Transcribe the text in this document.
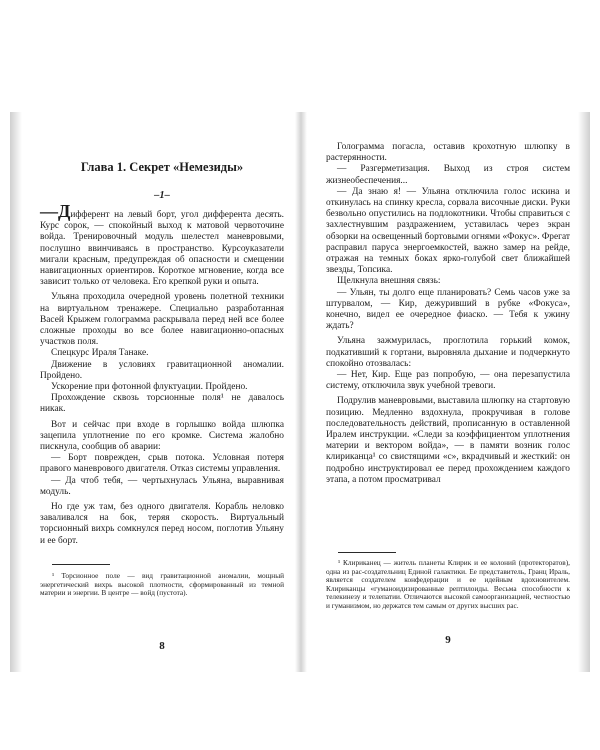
Глава 1. Секрет «Немезиды»
–1–

—Дифферент на левый борт, угол дифферента десять. Курс сорок, — спокойный выход к матовой червоточине войда. Тренировочный модуль шелестел маневровыми, послушно ввинчиваясь в пространство. Курсоуказатели мигали красным, предупреждая об опасности и смещении навигационных ориентиров. Короткое мгновение, когда все зависит только от человека. Его крепкой руки и опыта.

Ульяна проходила очередной уровень полетной техники на виртуальном тренажере. Специально разработанная Васей Крыжем голограмма раскрывала перед ней все более сложные проходы во все более навигационно-опасных участков поля.

Спецкурс Ираля Танаке.

Движение в условиях гравитационной аномалии. Пройдено.

Ускорение при фотонной флуктуации. Пройдено.

Прохождение сквозь торсионные поля¹ не давалось никак.

Вот и сейчас при входе в горлышко войда шлюпка зацепила уплотнение по его кромке. Система жалобно пискнула, сообщив об аварии:

— Борт поврежден, срыв потока. Условная потеря правого маневрового двигателя. Отказ системы управления.

— Да чтоб тебя, — чертыхнулась Ульяна, выравнивая модуль.

Но где уж там, без одного двигателя. Корабль неловко заваливался на бок, теряя скорость. Виртуальный торсионный вихрь сомкнулся перед носом, поглотив Ульяну и ее борт.

¹ Торсионное поле — вид гравитационной аномалии, мощный энергетический вихрь высокой плотности, сформированный из темной материи и энергии. В центре — войд (пустота).

8

Голограмма погасла, оставив крохотную шлюпку в растерянности.

— Разгерметизация. Выход из строя систем жизнеобеспечения...

— Да знаю я! — Ульяна отключила голос искина и откинулась на спинку кресла, сорвала височные диски. Руки безвольно опустились на подлокотники. Чтобы справиться с захлестнувшим раздражением, уставилась через экран обзорки на освещенный бортовыми огнями «Фокус». Фрегат расправил паруса энергоемкостей, важно замер на рейде, отражая на темных боках ярко-голубой свет ближайшей звезды, Топсика.

Щелкнула внешняя связь:

— Ульян, ты долго еще планировать? Семь часов уже за штурвалом, — Кир, дежуривший в рубке «Фокуса», конечно, видел ее очередное фиаско. — Тебя к ужину ждать?

Ульяна зажмурилась, проглотила горький комок, подкативший к гортани, выровняла дыхание и подчеркнуто спокойно отозвалась:

— Нет, Кир. Еще раз попробую, — она перезапустила систему, отключила звук учебной тревоги.

Подрулив маневровыми, выставила шлюпку на стартовую позицию. Медленно вздохнула, прокручивая в голове последовательность действий, прописанную в оставленной Иралем инструкции. «Следи за коэффициентом уплотнения материи и вектором войда», — в памяти возник голос клириканца¹ со свистящими «с», вкрадчивый и жесткий: он подробно инструктировал ее перед прохождением каждого этапа, а потом просматривал

¹ Клириканец — житель планеты Клирик и ее колоний (протекторатов), одна из рас-создательниц Единой галактики. Ее представитель, Гранц Ираль, является создателем конфедерации и ее идейным вдохновителем. Клириканцы «гуманоидизированные рептилоиды. Весьма способности к телекинезу и телепатии. Отличаются высокой самоорганизацией, честностью и гуманизмом, но держатся тем самым от других высших рас.

9
